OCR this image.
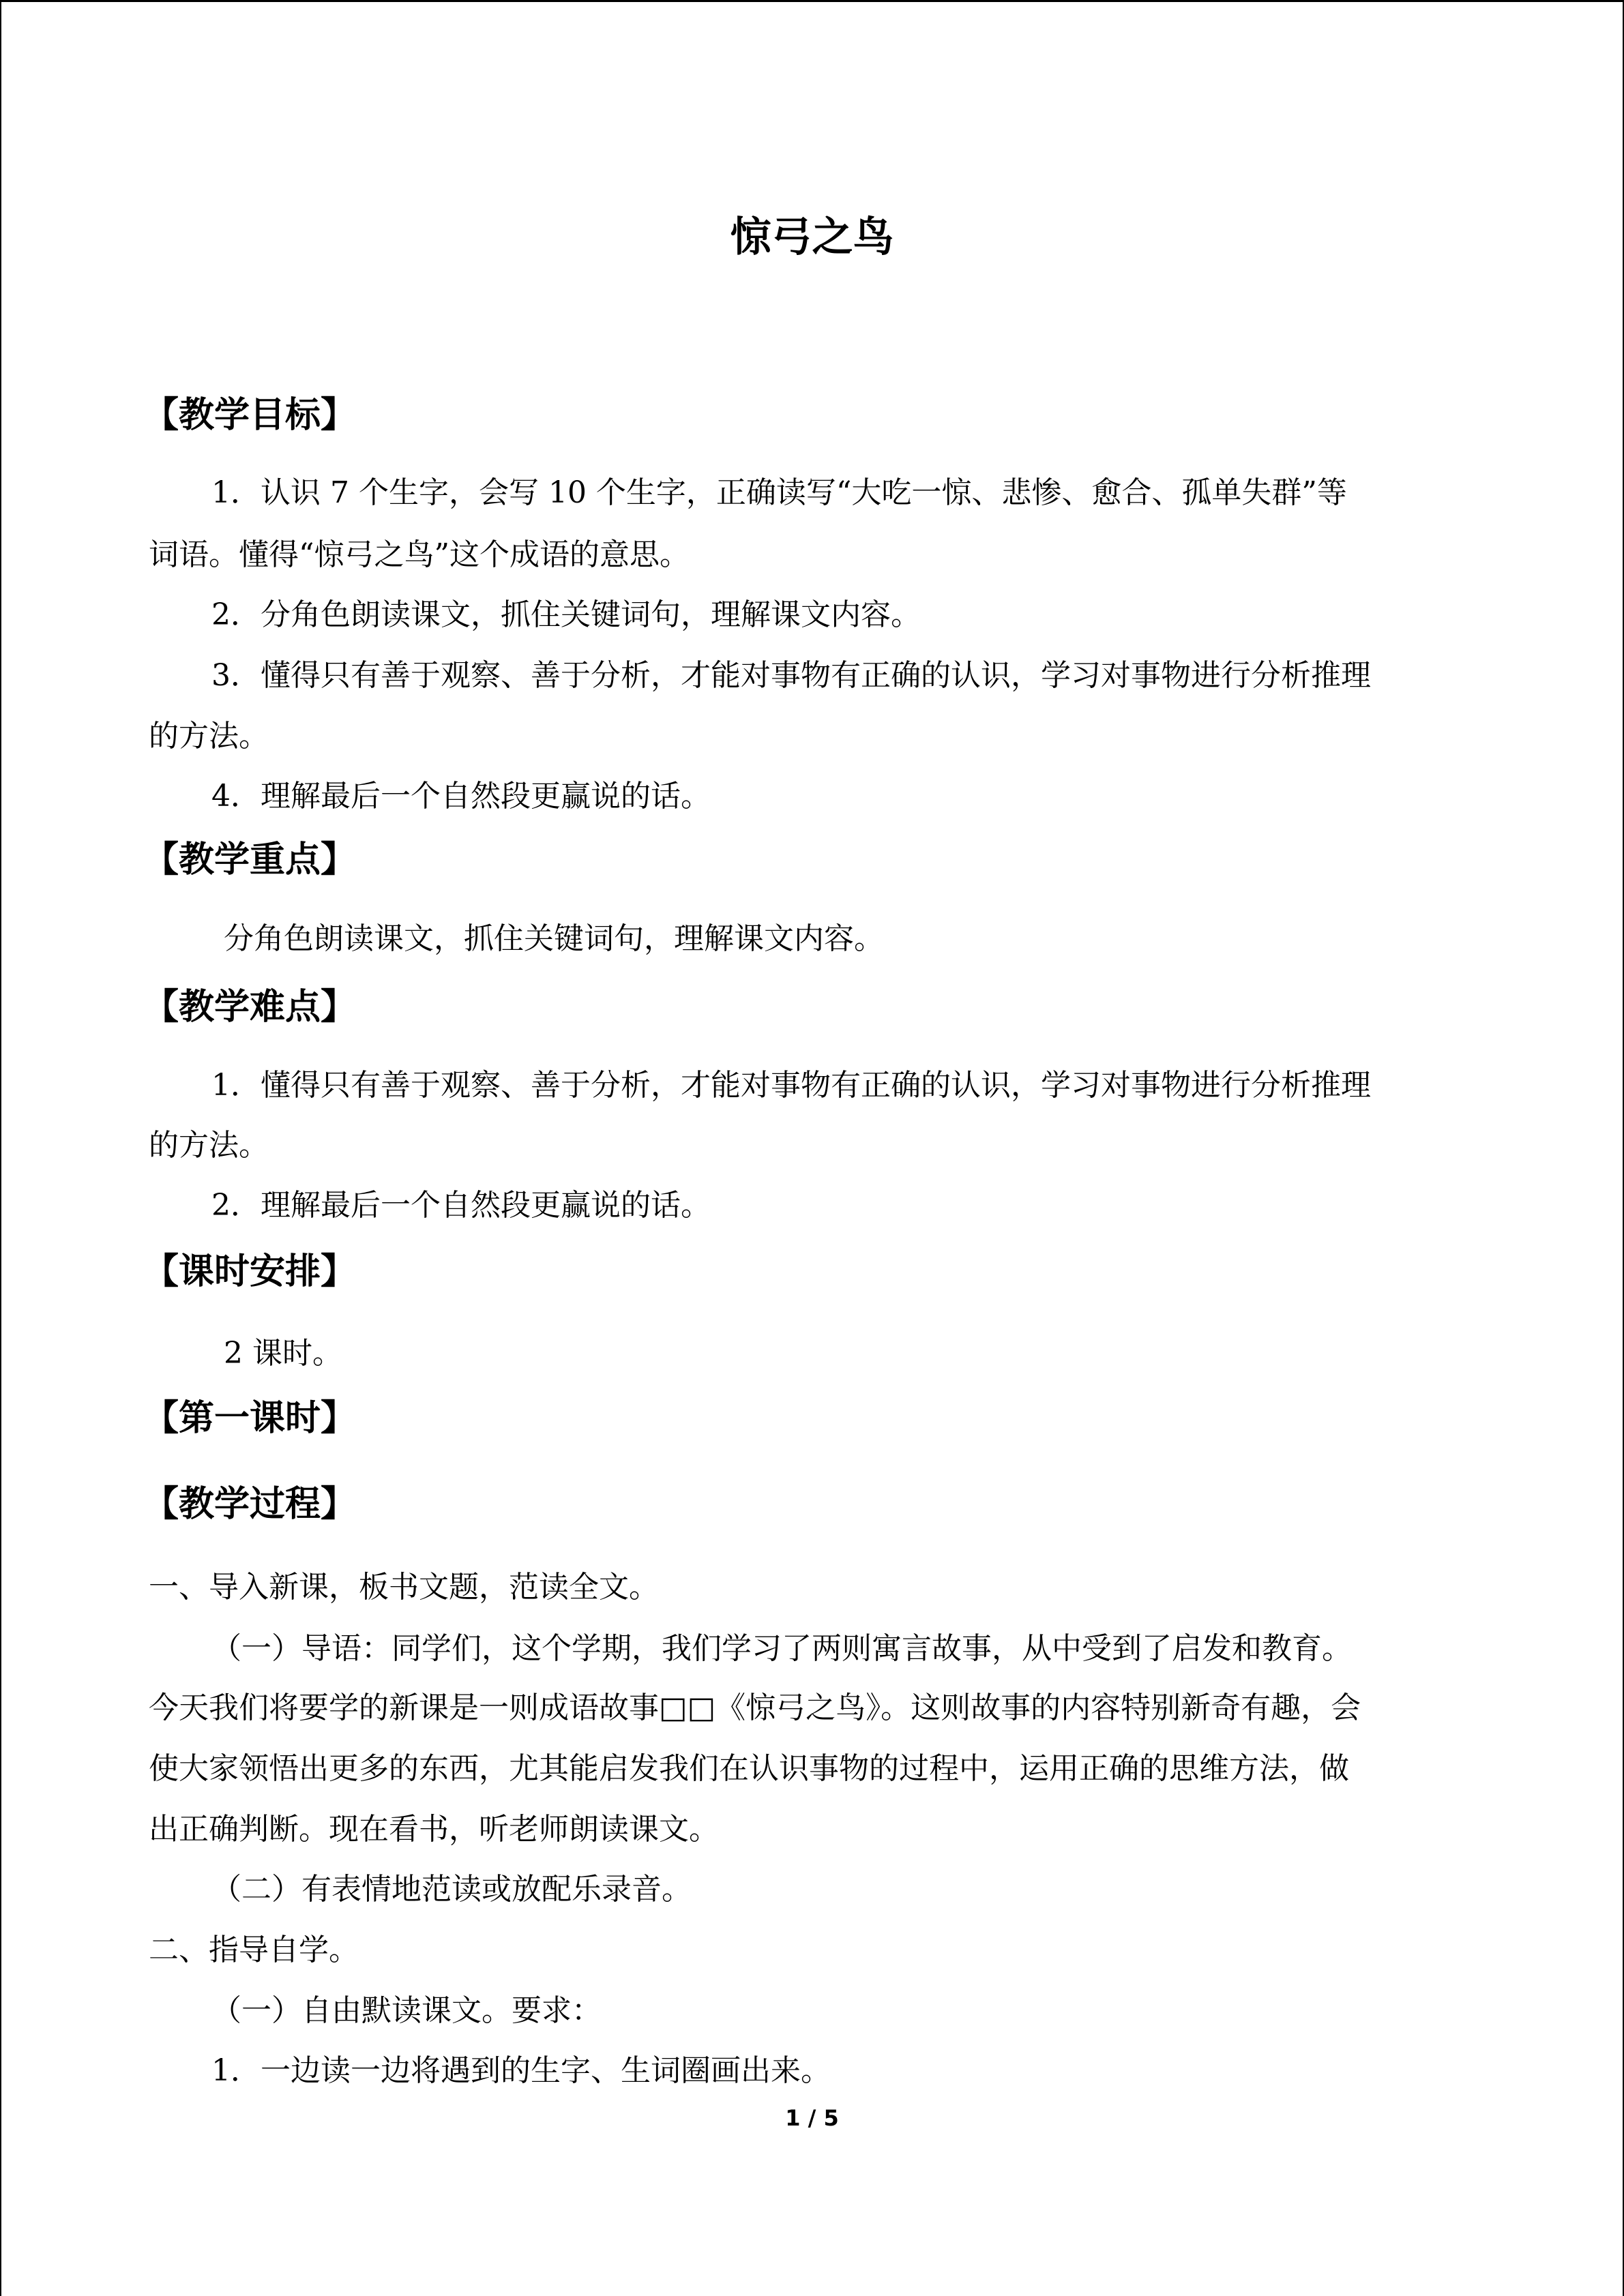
惊弓之鸟
【教学目标】
1．认识 7 个生字，会写 10 个生字，正确读写“大吃一惊、悲惨、愈合、孤单失群”等
词语。懂得“惊弓之鸟”这个成语的意思。
2．分角色朗读课文，抓住关键词句，理解课文内容。
3．懂得只有善于观察、善于分析，才能对事物有正确的认识，学习对事物进行分析推理
的方法。
4．理解最后一个自然段更赢说的话。
【教学重点】
分角色朗读课文，抓住关键词句，理解课文内容。
【教学难点】
1．懂得只有善于观察、善于分析，才能对事物有正确的认识，学习对事物进行分析推理
的方法。
2．理解最后一个自然段更赢说的话。
【课时安排】
2 课时。
【第一课时】
【教学过程】
一、导入新课，板书文题，范读全文。
（一）导语：同学们，这个学期，我们学习了两则寓言故事，从中受到了启发和教育。
今天我们将要学的新课是一则成语故事□□《惊弓之鸟》。这则故事的内容特别新奇有趣，会
使大家领悟出更多的东西，尤其能启发我们在认识事物的过程中，运用正确的思维方法，做
出正确判断。现在看书，听老师朗读课文。
（二）有表情地范读或放配乐录音。
二、指导自学。
（一）自由默读课文。要求：
1．一边读一边将遇到的生字、生词圈画出来。
1 / 5
